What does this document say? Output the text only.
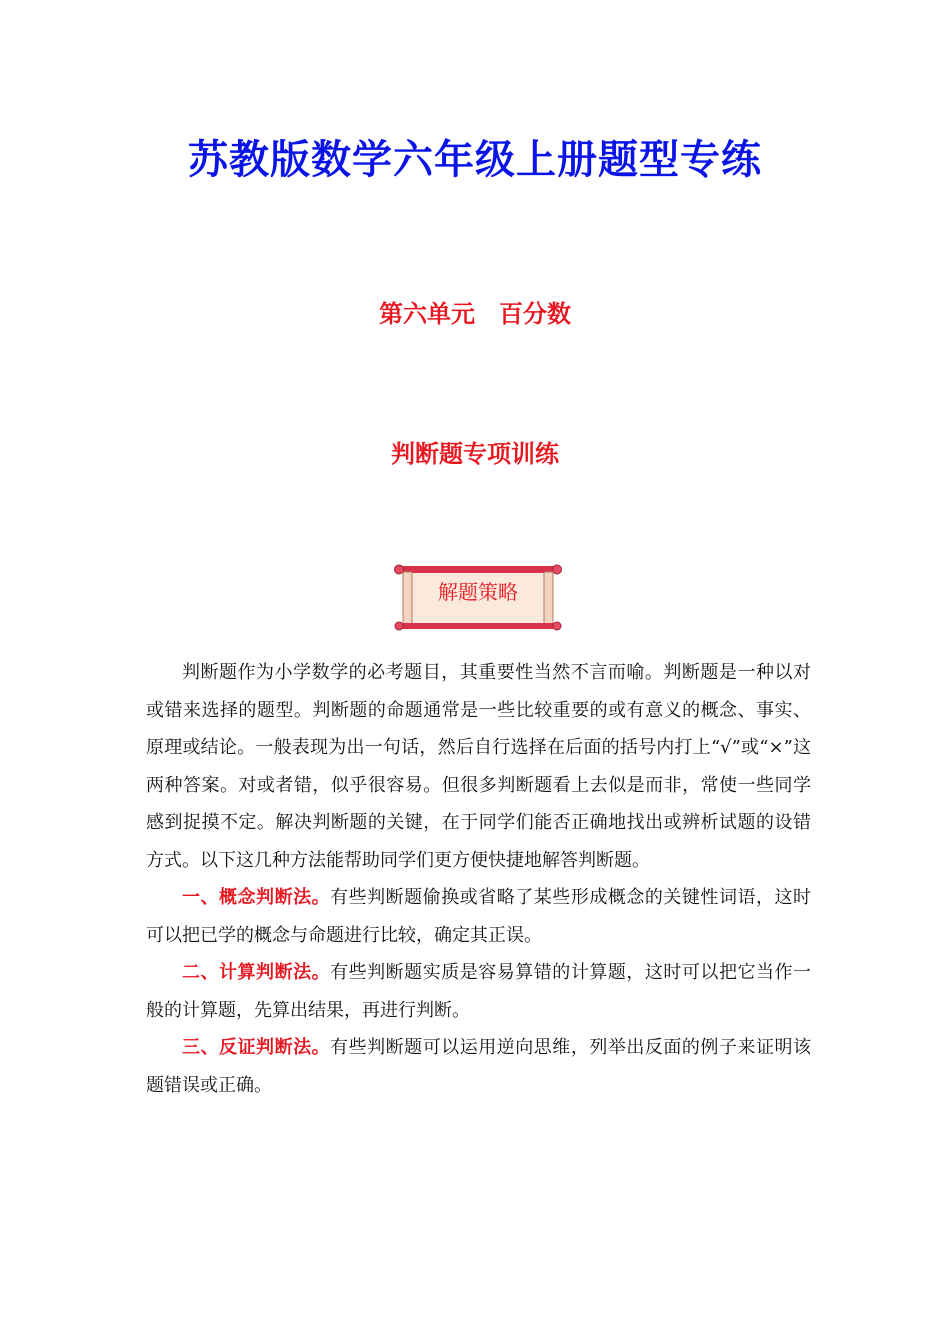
苏教版数学六年级上册题型专练
第六单元　百分数
判断题专项训练
解题策略

判断题作为小学数学的必考题目，其重要性当然不言而喻。判断题是一种以对或错来选择的题型。判断题的命题通常是一些比较重要的或有意义的概念、事实、原理或结论。一般表现为出一句话，然后自行选择在后面的括号内打上“√”或“×”这两种答案。对或者错，似乎很容易。但很多判断题看上去似是而非，常使一些同学感到捉摸不定。解决判断题的关键，在于同学们能否正确地找出或辨析试题的设错方式。以下这几种方法能帮助同学们更方便快捷地解答判断题。

一、概念判断法。有些判断题偷换或省略了某些形成概念的关键性词语，这时可以把已学的概念与命题进行比较，确定其正误。

二、计算判断法。有些判断题实质是容易算错的计算题，这时可以把它当作一般的计算题，先算出结果，再进行判断。

三、反证判断法。有些判断题可以运用逆向思维，列举出反面的例子来证明该题错误或正确。
